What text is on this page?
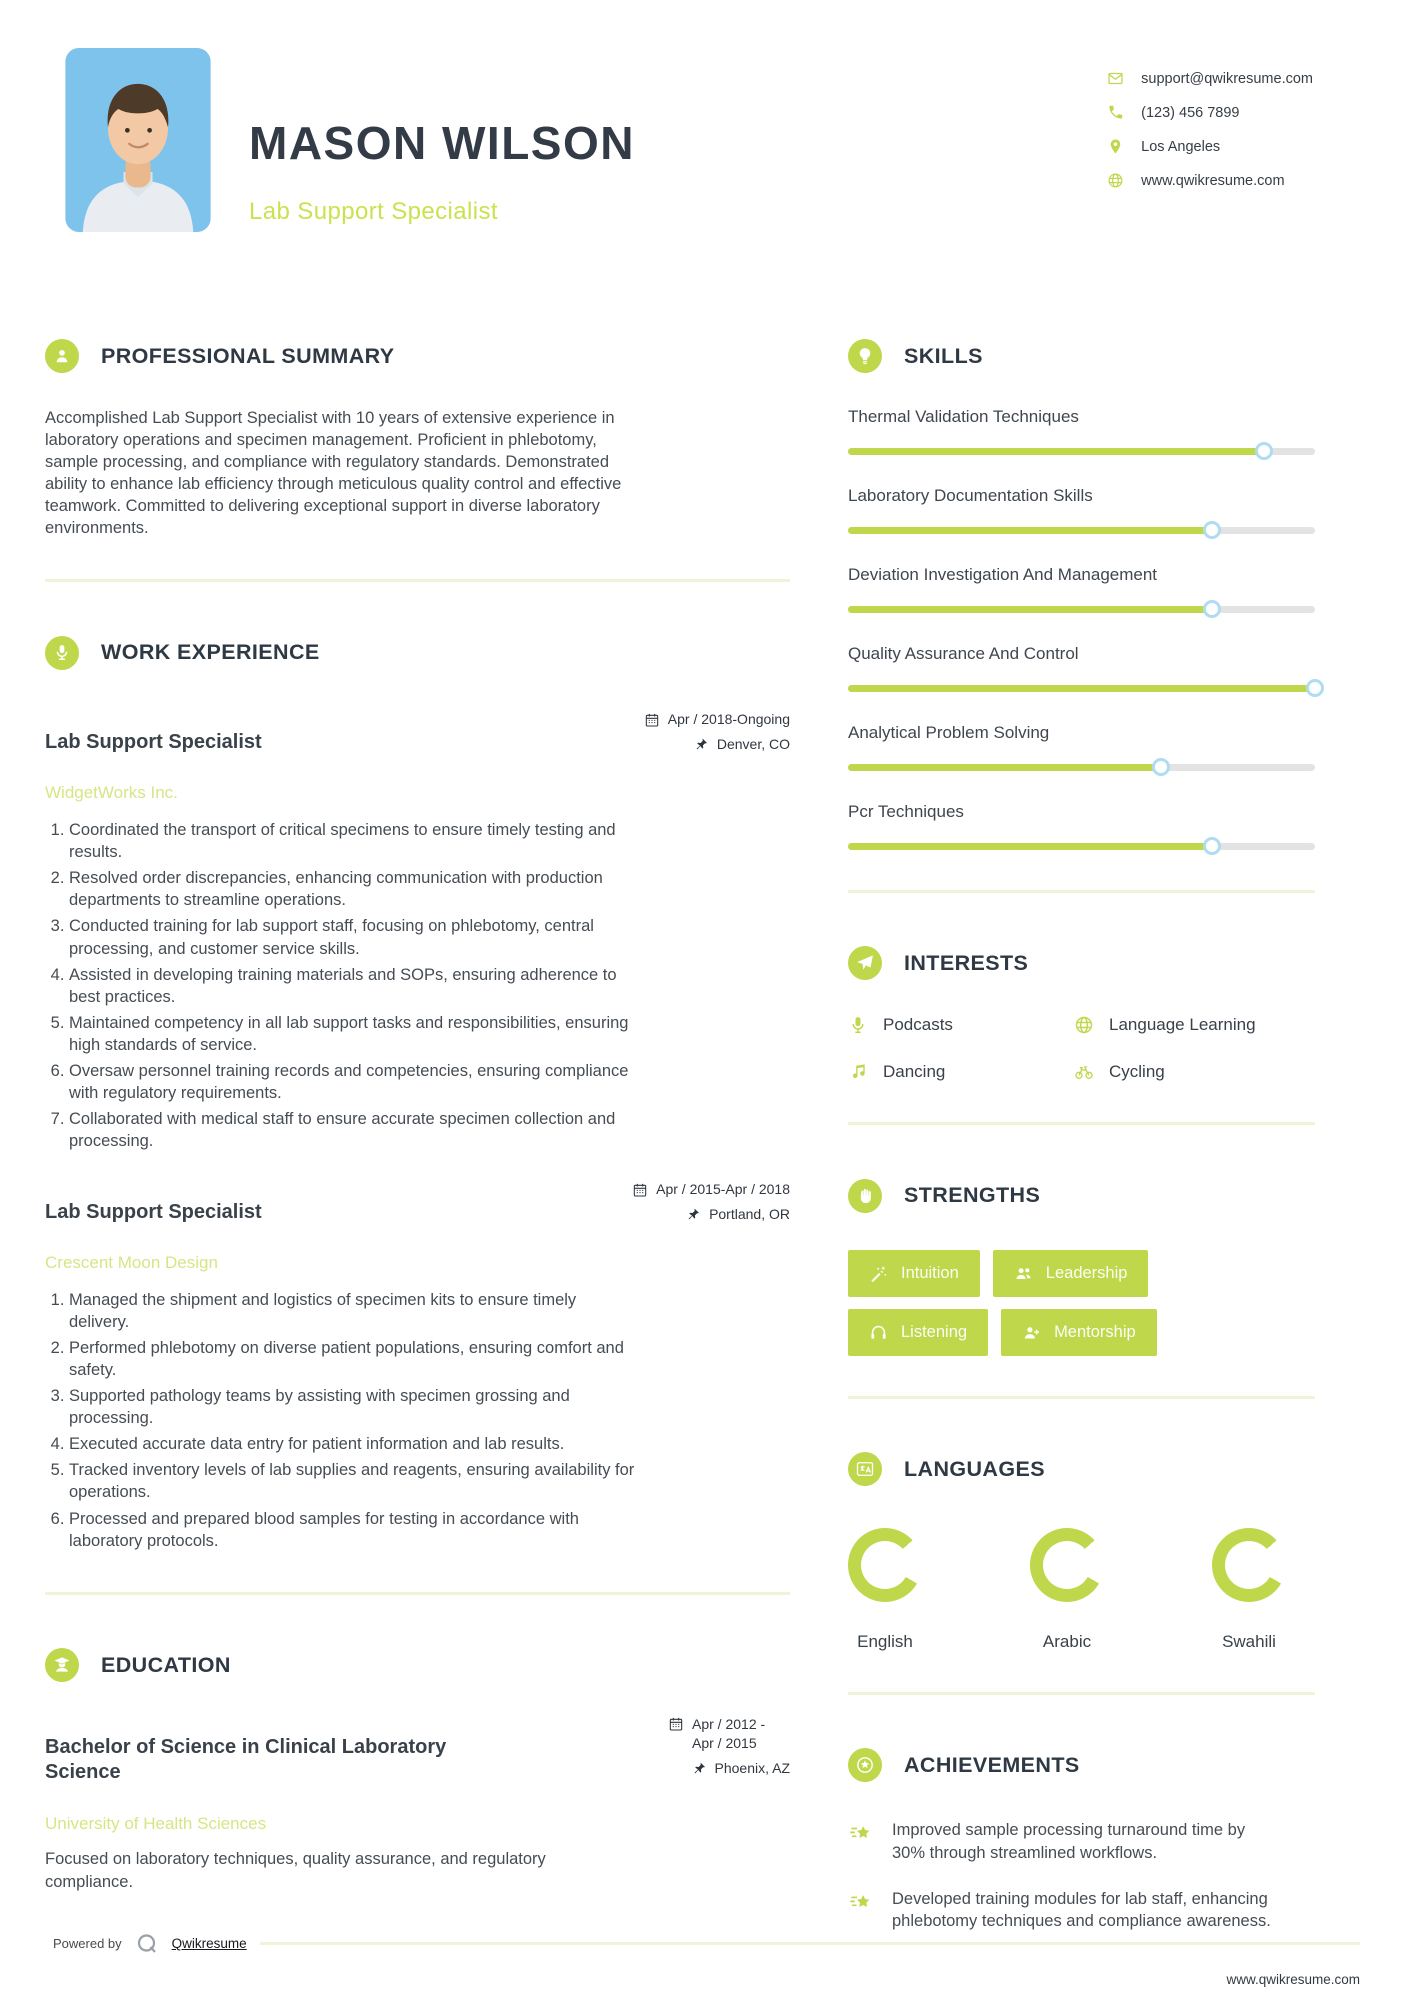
MASON WILSON
Lab Support Specialist
support@qwikresume.com
(123) 456 7899
Los Angeles
www.qwikresume.com
PROFESSIONAL SUMMARY

Accomplished Lab Support Specialist with 10 years of extensive experience in laboratory operations and specimen management. Proficient in phlebotomy, sample processing, and compliance with regulatory standards. Demonstrated ability to enhance lab efficiency through meticulous quality control and effective teamwork. Committed to delivering exceptional support in diverse laboratory environments.

WORK EXPERIENCE
Lab Support Specialist
Apr / 2018-Ongoing
Denver, CO
WidgetWorks Inc.
1. Coordinated the transport of critical specimens to ensure timely testing and results.
2. Resolved order discrepancies, enhancing communication with production departments to streamline operations.
3. Conducted training for lab support staff, focusing on phlebotomy, central processing, and customer service skills.
4. Assisted in developing training materials and SOPs, ensuring adherence to best practices.
5. Maintained competency in all lab support tasks and responsibilities, ensuring high standards of service.
6. Oversaw personnel training records and competencies, ensuring compliance with regulatory requirements.
7. Collaborated with medical staff to ensure accurate specimen collection and processing.
Lab Support Specialist
Apr / 2015-Apr / 2018
Portland, OR
Crescent Moon Design
1. Managed the shipment and logistics of specimen kits to ensure timely delivery.
2. Performed phlebotomy on diverse patient populations, ensuring comfort and safety.
3. Supported pathology teams by assisting with specimen grossing and processing.
4. Executed accurate data entry for patient information and lab results.
5. Tracked inventory levels of lab supplies and reagents, ensuring availability for operations.
6. Processed and prepared blood samples for testing in accordance with laboratory protocols.
EDUCATION
Bachelor of Science in Clinical Laboratory Science
Apr / 2012 - Apr / 2015
Phoenix, AZ
University of Health Sciences

Focused on laboratory techniques, quality assurance, and regulatory compliance.

SKILLS
Thermal Validation Techniques
Laboratory Documentation Skills
Deviation Investigation And Management
Quality Assurance And Control
Analytical Problem Solving
Pcr Techniques
INTERESTS
Podcasts	Language Learning
Dancing	Cycling
STRENGTHS
Intuition	Leadership
Listening	Mentorship
LANGUAGES
English	Arabic	Swahili
ACHIEVEMENTS
Improved sample processing turnaround time by 30% through streamlined workflows.
Developed training modules for lab staff, enhancing phlebotomy techniques and compliance awareness.
Powered by	Qwikresume
www.qwikresume.com
